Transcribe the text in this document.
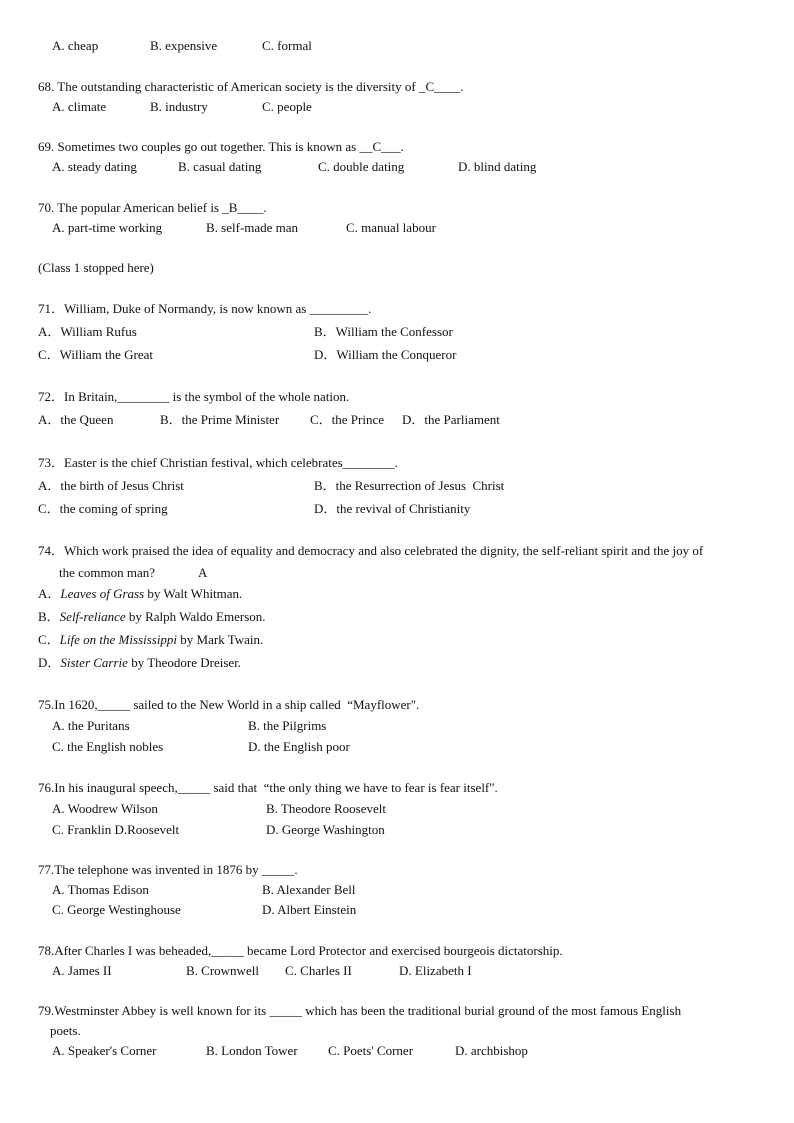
A. cheap	B. expensive	C. formal
68. The outstanding characteristic of American society is the diversity of _C____.
A. climate	B. industry	C. people
69. Sometimes two couples go out together. This is known as __C___.
A. steady dating	B. casual dating	C. double dating	D. blind dating
70. The popular American belief is _B____.
A. part-time working	B. self-made man	C. manual labour
(Class 1 stopped here)
71．William, Duke of Normandy, is now known as _________.
A．William Rufus	B．William the Confessor
C．William the Great	D．William the Conqueror
72．In Britain,________ is the symbol of the whole nation.
A．the Queen	B．the Prime Minister C．the Prince D．the Parliament
73．Easter is the chief Christian festival, which celebrates________.
A．the birth of Jesus Christ	B．the Resurrection of Jesus  Christ
C．the coming of spring	D．the revival of Christianity
74．Which work praised the idea of equality and democracy and also celebrated the dignity, the self-reliant spirit and the joy of
the common man?	A
A．Leaves of Grass by Walt Whitman.
B．Self-reliance by Ralph Waldo Emerson.
C．Life on the Mississippi by Mark Twain.
D．Sister Carrie by Theodore Dreiser.
75.In 1620,_____ sailed to the New World in a ship called  “Mayflower".
A. the Puritans	B. the Pilgrims
C. the English nobles	D. the English poor
76.In his inaugural speech,_____ said that  “the only thing we have to fear is fear itself".
A. Woodrew Wilson	B. Theodore Roosevelt
C. Franklin D.Roosevelt	D. George Washington
77.The telephone was invented in 1876 by _____.
A. Thomas Edison	B. Alexander Bell
C. George Westinghouse	D. Albert Einstein
78.After Charles I was beheaded,_____ became Lord Protector and exercised bourgeois dictatorship.
A. James II	B. Crownwell C. Charles II	D. Elizabeth I
79.Westminster Abbey is well known for its _____ which has been the traditional burial ground of the most famous English
poets.
A. Speaker's Corner	B. London Tower C. Poets' Corner	D. archbishop
